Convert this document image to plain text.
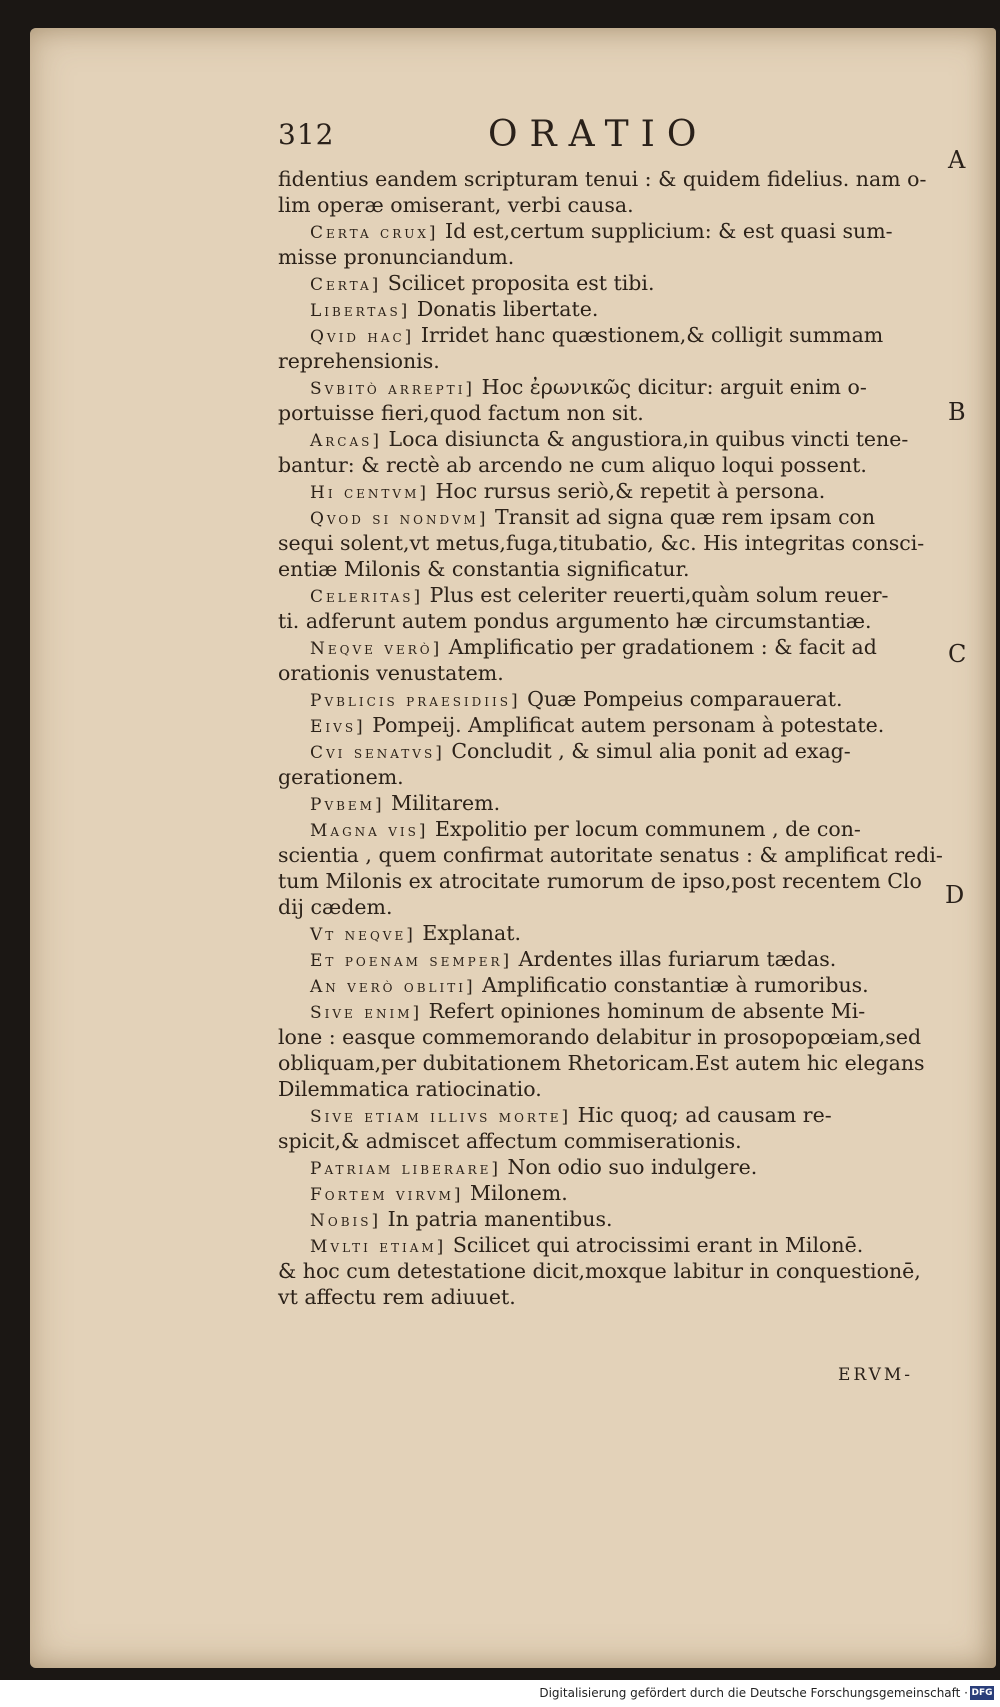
312	ORATIO
fidentius eandem scripturam tenui : & quidem fidelius. nam o-
lim operæ omiserant, verbi causa.
Certa crux] Id est,certum supplicium: & est quasi sum-
misse pronunciandum.
Certa] Scilicet proposita est tibi.
Libertas] Donatis libertate.
Qvid hac] Irridet hanc quæstionem,& colligit summam
reprehensionis.
Svbitò arrepti] Hoc ἐρωνικῶς dicitur: arguit enim o-
portuisse fieri,quod factum non sit.
Arcas] Loca disiuncta & angustiora,in quibus vincti tene-
bantur: & rectè ab arcendo ne cum aliquo loqui possent.
Hi centvm] Hoc rursus seriò,& repetit à persona.
Qvod si nondvm] Transit ad signa quæ rem ipsam con
sequi solent,vt metus,fuga,titubatio, &c. His integritas consci-
entiæ Milonis & constantia significatur.
Celeritas] Plus est celeriter reuerti,quàm solum reuer-
ti. adferunt autem pondus argumento hæ circumstantiæ.
Neqve verò] Amplificatio per gradationem : & facit ad
orationis venustatem.
Pvblicis praesidiis] Quæ Pompeius comparauerat.
Eivs] Pompeij. Amplificat autem personam à potestate.
Cvi senatvs] Concludit , & simul alia ponit ad exag-
gerationem.
Pvbem] Militarem.
Magna vis] Expolitio per locum communem , de con-
scientia , quem confirmat autoritate senatus : & amplificat redi-
tum Milonis ex atrocitate rumorum de ipso,post recentem Clo
dij cædem.
Vt neqve] Explanat.
Et poenam semper] Ardentes illas furiarum tædas.
An verò obliti] Amplificatio constantiæ à rumoribus.
Sive enim] Refert opiniones hominum de absente Mi-
lone : easque commemorando delabitur in prosopopœiam,sed
obliquam,per dubitationem Rhetoricam.Est autem hic elegans
Dilemmatica ratiocinatio.
Sive etiam illivs morte] Hic quoq; ad causam re-
spicit,& admiscet affectum commiserationis.
Patriam liberare] Non odio suo indulgere.
Fortem virvm] Milonem.
Nobis] In patria manentibus.
Mvlti etiam] Scilicet qui atrocissimi erant in Milonē.
& hoc cum detestatione dicit,moxque labitur in conquestionē,
vt affectu rem adiuuet.
A
B
C
D
ERVM-
Digitalisierung gefördert durch die Deutsche Forschungsgemeinschaft · DFG
